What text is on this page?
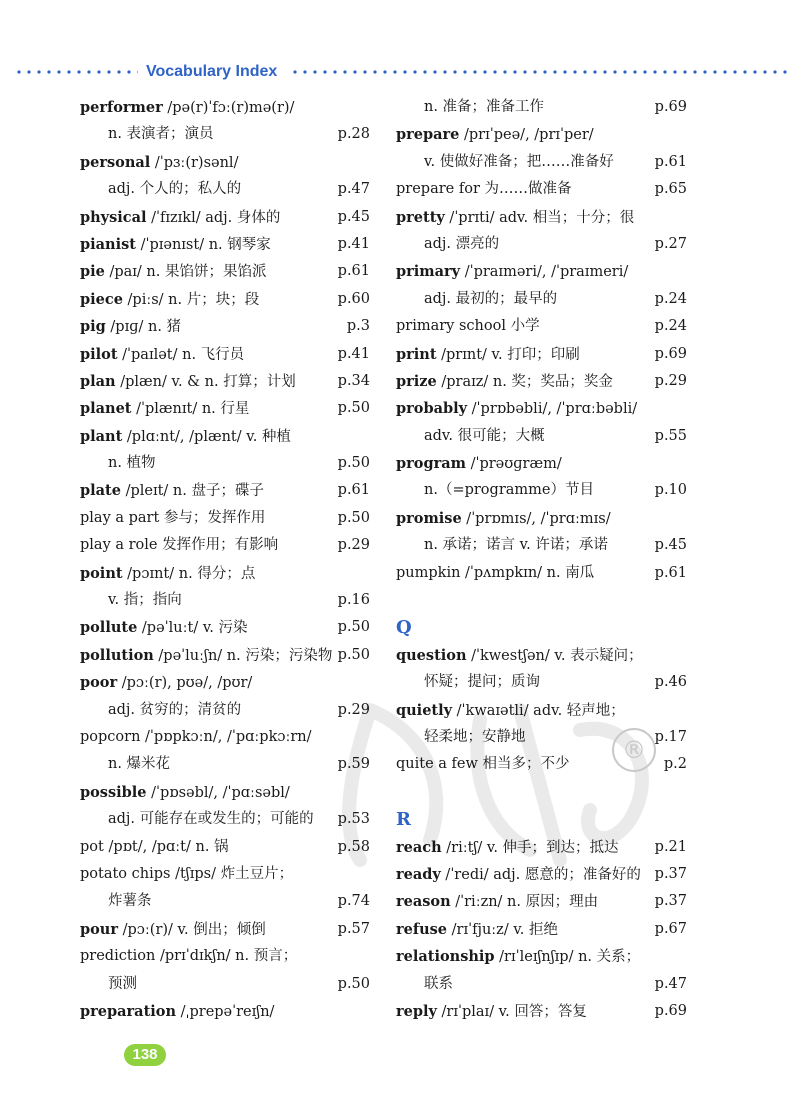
Vocabulary Index
performer /pə(r)ˈfɔː(r)mə(r)/
n. 表演者；演员	p.28
personal /ˈpɜː(r)sənl/
adj. 个人的；私人的	p.47
physical /ˈfɪzɪkl/ adj. 身体的	p.45
pianist /ˈpɪənɪst/ n. 钢琴家	p.41
pie /paɪ/ n. 果馅饼；果馅派	p.61
piece /piːs/ n. 片；块；段	p.60
pig /pɪɡ/ n. 猪	p.3
pilot /ˈpaɪlət/ n. 飞行员	p.41
plan /plæn/ v. & n. 打算；计划	p.34
planet /ˈplænɪt/ n. 行星	p.50
plant /plɑːnt/, /plænt/ v. 种植
n. 植物	p.50
plate /pleɪt/ n. 盘子；碟子	p.61
play a part 参与；发挥作用	p.50
play a role 发挥作用；有影响	p.29
point /pɔɪnt/ n. 得分；点
v. 指；指向	p.16
pollute /pəˈluːt/ v. 污染	p.50
pollution /pəˈluːʃn/ n. 污染；污染物 p.50
poor /pɔː(r), pʊə/, /pʊr/
adj. 贫穷的；清贫的	p.29
popcorn /ˈpɒpkɔːn/, /ˈpɑːpkɔːrn/
n. 爆米花	p.59
possible /ˈpɒsəbl/, /ˈpɑːsəbl/
adj. 可能存在或发生的；可能的 p.53
pot /pɒt/, /pɑːt/ n. 锅	p.58
potato chips /tʃɪps/ 炸土豆片；
炸薯条	p.74
pour /pɔː(r)/ v. 倒出；倾倒	p.57
prediction /prɪˈdɪkʃn/ n. 预言；
预测	p.50
preparation /ˌprepəˈreɪʃn/
n. 准备；准备工作	p.69
prepare /prɪˈpeə/, /prɪˈper/
v. 使做好准备；把……准备好	p.61
prepare for 为……做准备	p.65
pretty /ˈprɪti/ adv. 相当；十分；很
adj. 漂亮的	p.27
primary /ˈpraɪməri/, /ˈpraɪmeri/
adj. 最初的；最早的	p.24
primary school 小学	p.24
print /prɪnt/ v. 打印；印刷	p.69
prize /praɪz/ n. 奖；奖品；奖金	p.29
probably /ˈprɒbəbli/, /ˈprɑːbəbli/
adv. 很可能；大概	p.55
program /ˈprəʊɡræm/
n.（=programme）节目	p.10
promise /ˈprɒmɪs/, /ˈprɑːmɪs/
n. 承诺；诺言 v. 许诺；承诺	p.45
pumpkin /ˈpʌmpkɪn/ n. 南瓜	p.61
Q
question /ˈkwestʃən/ v. 表示疑问；
怀疑；提问；质询	p.46
quietly /ˈkwaɪətli/ adv. 轻声地；
轻柔地；安静地	p.17
quite a few 相当多；不少	p.2
R
reach /riːtʃ/ v. 伸手；到达；抵达 p.21
ready /ˈredi/ adj. 愿意的；准备好的 p.37
reason /ˈriːzn/ n. 原因；理由	p.37
refuse /rɪˈfjuːz/ v. 拒绝	p.67
relationship /rɪˈleɪʃnʃɪp/ n. 关系；
联系	p.47
reply /rɪˈplaɪ/ v. 回答；答复	p.69
®
138
